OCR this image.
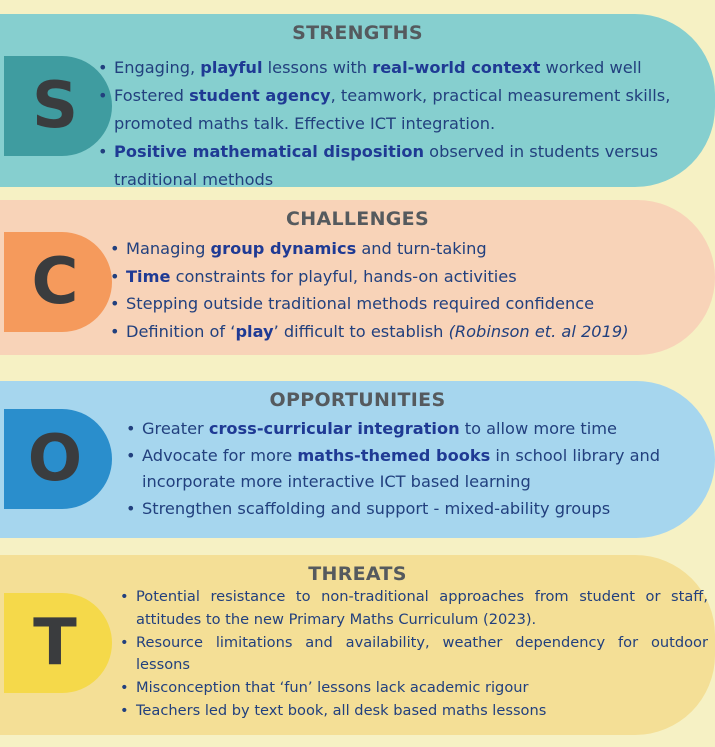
STRENGTHS
S
• Engaging, playful lessons with real-world context worked well
• Fostered student agency, teamwork, practical measurement skills, promoted maths talk. Effective ICT integration.
• Positive mathematical disposition observed in students versus traditional methods
CHALLENGES
C	• Managing group dynamics and turn-taking
• Time constraints for playful, hands-on activities
• Stepping outside traditional methods required confidence
• Definition of ‘play’ difficult to establish (Robinson et. al 2019)
OPPORTUNITIES
O	• Greater cross-curricular integration to allow more time
• Advocate for more maths-themed books in school library and incorporate more interactive ICT based learning
• Strengthen scaffolding and support - mixed-ability groups
THREATS
T
• Potential resistance to non-traditional approaches from student or staff, attitudes to the new Primary Maths Curriculum (2023).
• Resource limitations and availability, weather dependency for outdoor lessons
• Misconception that ‘fun’ lessons lack academic rigour
• Teachers led by text book, all desk based maths lessons
